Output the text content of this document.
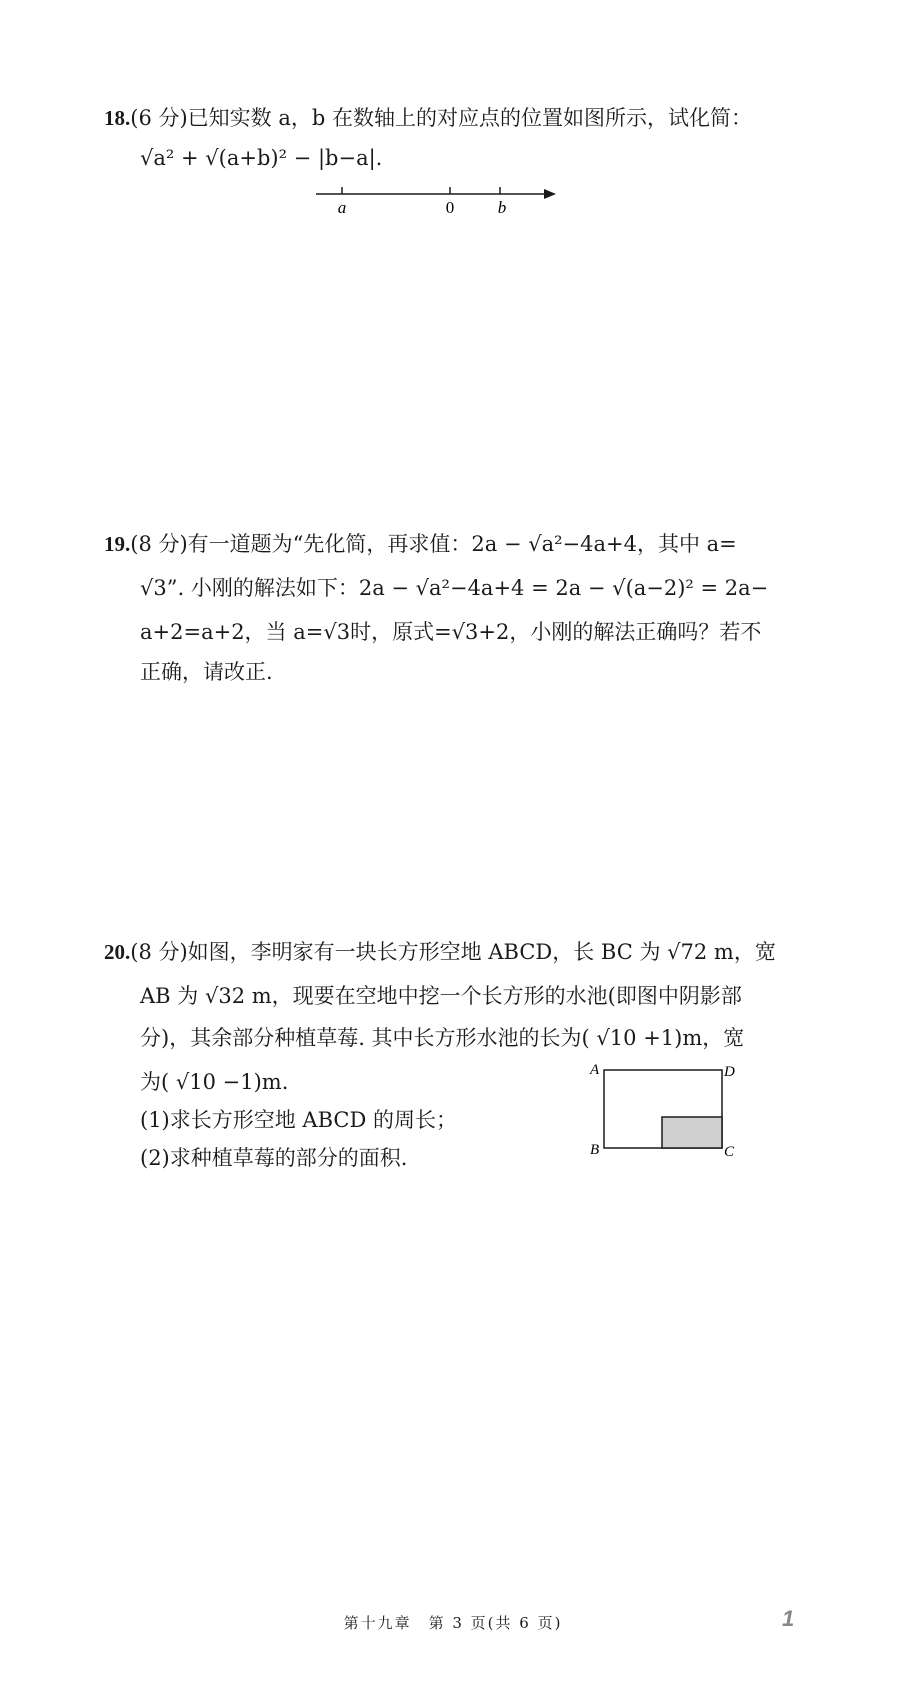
18.(6 分)已知实数 a，b 在数轴上的对应点的位置如图所示，试化简：
√a² + √(a+b)² − |b−a|.
a	0	b
19.(8 分)有一道题为“先化简，再求值：2a − √a²−4a+4，其中 a=
√3”. 小刚的解法如下：2a − √a²−4a+4 = 2a − √(a−2)² = 2a−
a+2=a+2，当 a=√3时，原式=√3+2，小刚的解法正确吗？若不
正确，请改正.
20.(8 分)如图，李明家有一块长方形空地 ABCD，长 BC 为 √72 m，宽
AB 为 √32 m，现要在空地中挖一个长方形的水池(即图中阴影部
分)，其余部分种植草莓. 其中长方形水池的长为( √10 +1)m，宽
为( √10 −1)m.
(1)求长方形空地 ABCD 的周长；
(2)求种植草莓的部分的面积.
A	D
B	C
第十九章　第 3 页(共 6 页)	1
